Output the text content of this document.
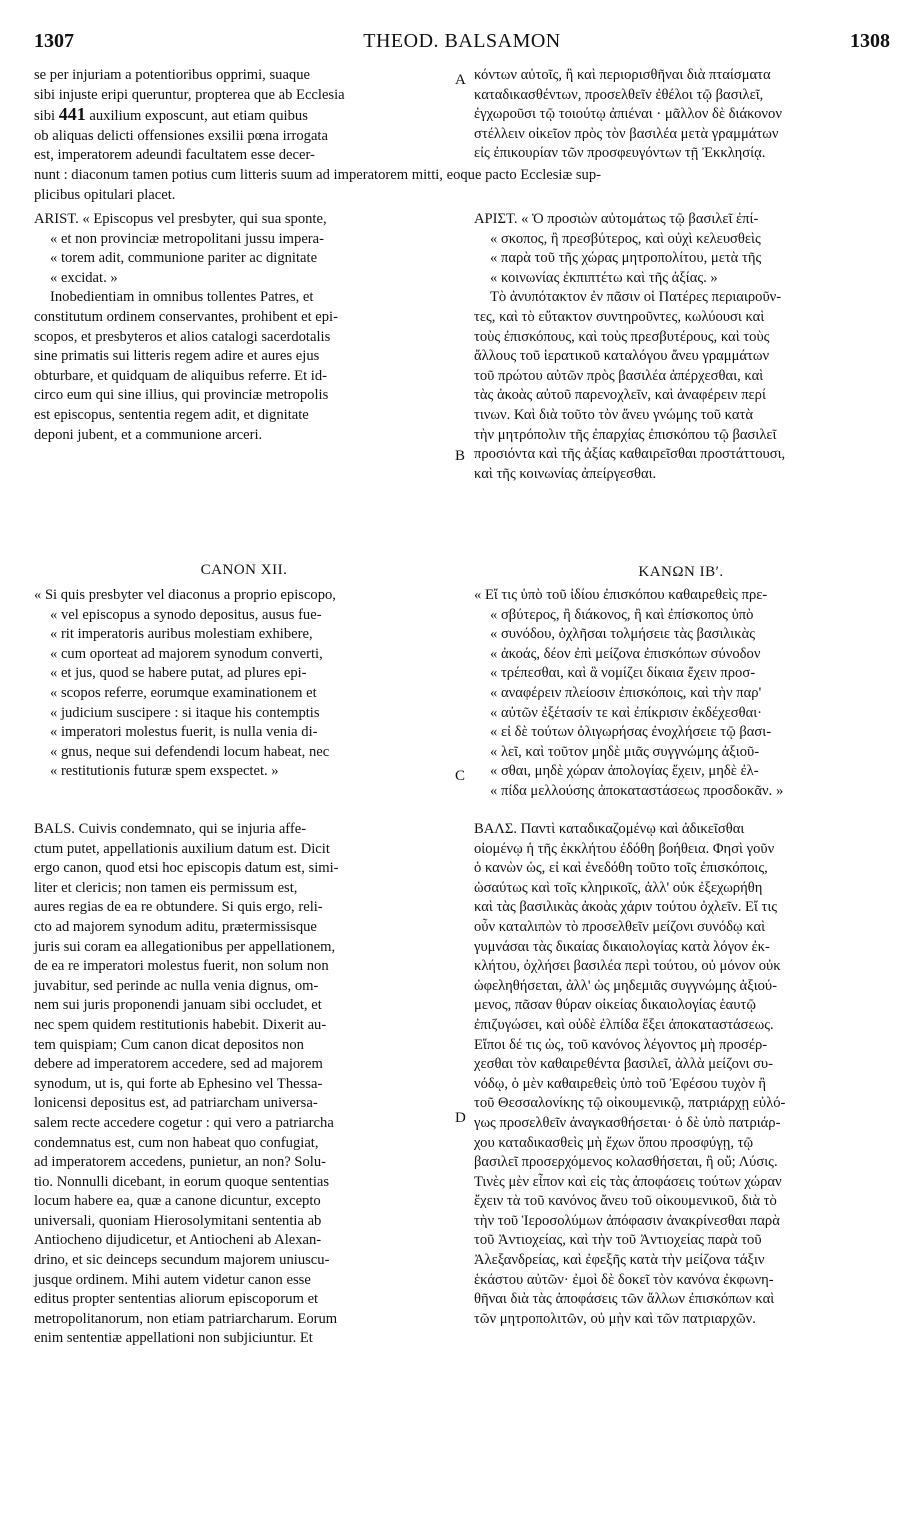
1307	THEOD. BALSAMON	1308
A
B
C
D

se per injuriam a potentioribus opprimi, suaque

sibi injuste eripi queruntur, propterea que ab Ecclesia

sibi 441 auxilium exposcunt, aut etiam quibus

ob aliquas delicti offensiones exsilii pœna irrogata

est, imperatorem adeundi facultatem esse decer-

κόντων αὐτοῖς, ἢ καὶ περιορισθῆναι διὰ πταίσματα

καταδικασθέντων, προσελθεῖν ἐθέλοι τῷ βασιλεῖ,

ἐγχωροῦσι τῷ τοιούτῳ ἀπιέναι · μᾶλλον δὲ διάκονον

στέλλειν οἰκεῖον πρὸς τὸν βασιλέα μετὰ γραμμάτων

εἰς ἐπικουρίαν τῶν προσφευγόντων τῇ Ἐκκλησίᾳ.

nunt : diaconum tamen potius cum litteris suum ad imperatorem mitti, eoque pacto Ecclesiæ sup-
plicibus opitulari placet.

ARIST. « Episcopus vel presbyter, qui sua sponte,

« et non provinciæ metropolitani jussu impera-

« torem adit, communione pariter ac dignitate

« excidat. »

Inobedientiam in omnibus tollentes Patres, et

constitutum ordinem conservantes, prohibent et epi-

scopos, et presbyteros et alios catalogi sacerdotalis

sine primatis sui litteris regem adire et aures ejus

obturbare, et quidquam de aliquibus referre. Et id-

circo eum qui sine illius, qui provinciæ metropolis

est episcopus, sententia regem adit, et dignitate

deponi jubent, et a communione arceri.

ΑΡΙΣΤ. « Ὁ προσιὼν αὐτομάτως τῷ βασιλεῖ ἐπί-

« σκοπος, ἢ πρεσβύτερος, καὶ οὐχὶ κελευσθεὶς

« παρὰ τοῦ τῆς χώρας μητροπολίτου, μετὰ τῆς

« κοινωνίας ἐκπιπτέτω καὶ τῆς ἀξίας. »

Τὸ ἀνυπότακτον ἐν πᾶσιν οἱ Πατέρες περιαιροῦν-

τες, καὶ τὸ εὔτακτον συντηροῦντες, κωλύουσι καὶ

τοὺς ἐπισκόπους, καὶ τοὺς πρεσβυτέρους, καὶ τοὺς

ἄλλους τοῦ ἱερατικοῦ καταλόγου ἄνευ γραμμάτων

τοῦ πρώτου αὐτῶν πρὸς βασιλέα ἀπέρχεσθαι, καὶ

τὰς ἀκοὰς αὐτοῦ παρενοχλεῖν, καὶ ἀναφέρειν περί

τινων. Καὶ διὰ τοῦτο τὸν ἄνευ γνώμης τοῦ κατὰ

τὴν μητρόπολιν τῆς ἐπαρχίας ἐπισκόπου τῷ βασιλεῖ

προσιόντα καὶ τῆς ἀξίας καθαιρεῖσθαι προστάττουσι,

καὶ τῆς κοινωνίας ἀπείργεσθαι.

CANON XII.	ΚΑΝΩΝ ΙΒʹ.

« Si quis presbyter vel diaconus a proprio episcopo,

« vel episcopus a synodo depositus, ausus fue-

« rit imperatoris auribus molestiam exhibere,

« cum oporteat ad majorem synodum converti,

« et jus, quod se habere putat, ad plures epi-

« scopos referre, eorumque examinationem et

« judicium suscipere : si itaque his contemptis

« imperatori molestus fuerit, is nulla venia di-

« gnus, neque sui defendendi locum habeat, nec

« restitutionis futuræ spem exspectet. »

« Εἴ τις ὑπὸ τοῦ ἰδίου ἐπισκόπου καθαιρεθεὶς πρε-

« σβύτερος, ἢ διάκονος, ἢ καὶ ἐπίσκοπος ὑπὸ

« συνόδου, ὀχλῆσαι τολμήσειε τὰς βασιλικὰς

« ἀκοάς, δέον ἐπὶ μείζονα ἐπισκόπων σύνοδον

« τρέπεσθαι, καὶ ἃ νομίζει δίκαια ἔχειν προσ-

« αναφέρειν πλείοσιν ἐπισκόποις, καὶ τὴν παρ'

« αὐτῶν ἐξέτασίν τε καὶ ἐπίκρισιν ἐκδέχεσθαι·

« εἰ δὲ τούτων ὀλιγωρήσας ἐνοχλήσειε τῷ βασι-

« λεῖ, καὶ τοῦτον μηδὲ μιᾶς συγγνώμης ἀξιοῦ-

« σθαι, μηδὲ χώραν ἀπολογίας ἔχειν, μηδὲ ἐλ-

« πίδα μελλούσης ἀποκαταστάσεως προσδοκᾶν. »

BALS. Cuivis condemnato, qui se injuria affe-

ctum putet, appellationis auxilium datum est. Dicit

ergo canon, quod etsi hoc episcopis datum est, simi-

liter et clericis; non tamen eis permissum est,

aures regias de ea re obtundere. Si quis ergo, reli-

cto ad majorem synodum aditu, prætermissisque

juris sui coram ea allegationibus per appellationem,

de ea re imperatori molestus fuerit, non solum non

juvabitur, sed perinde ac nulla venia dignus, om-

nem sui juris proponendi januam sibi occludet, et

nec spem quidem restitutionis habebit. Dixerit au-

tem quispiam; Cum canon dicat depositos non

debere ad imperatorem accedere, sed ad majorem

synodum, ut is, qui forte ab Ephesino vel Thessa-

lonicensi depositus est, ad patriarcham universa-

salem recte accedere cogetur : qui vero a patriarcha

condemnatus est, cum non habeat quo confugiat,

ad imperatorem accedens, punietur, an non? Solu-

tio. Nonnulli dicebant, in eorum quoque sententias

locum habere ea, quæ a canone dicuntur, excepto

universali, quoniam Hierosolymitani sententia ab

Antiocheno dijudicetur, et Antiocheni ab Alexan-

drino, et sic deinceps secundum majorem uniuscu-

jusque ordinem. Mihi autem videtur canon esse

editus propter sententias aliorum episcoporum et

metropolitanorum, non etiam patriarcharum. Eorum

enim sententiæ appellationi non subjiciuntur. Et

ΒΑΛΣ. Παντὶ καταδικαζομένῳ καὶ ἀδικεῖσθαι

οἰομένῳ ἡ τῆς ἐκκλήτου ἐδόθη βοήθεια. Φησὶ γοῦν

ὁ κανὼν ὡς, εἰ καὶ ἐνεδόθη τοῦτο τοῖς ἐπισκόποις,

ὡσαύτως καὶ τοῖς κληρικοῖς, ἀλλ' οὐκ ἐξεχωρήθη

καὶ τὰς βασιλικὰς ἀκοὰς χάριν τούτου ὀχλεῖν. Εἴ τις

οὖν καταλιπὼν τὸ προσελθεῖν μείζονι συνόδῳ καὶ

γυμνάσαι τὰς δικαίας δικαιολογίας κατὰ λόγον ἐκ-

κλήτου, ὀχλήσει βασιλέα περὶ τούτου, οὐ μόνον οὐκ

ὠφεληθήσεται, ἀλλ' ὡς μηδεμιᾶς συγγνώμης ἀξιού-

μενος, πᾶσαν θύραν οἰκείας δικαιολογίας ἑαυτῷ

ἐπιζυγώσει, καὶ οὐδὲ ἐλπίδα ἕξει ἀποκαταστάσεως.

Εἴποι δέ τις ὡς, τοῦ κανόνος λέγοντος μὴ προσέρ-

χεσθαι τὸν καθαιρεθέντα βασιλεῖ, ἀλλὰ μείζονι συ-

νόδῳ, ὁ μὲν καθαιρεθεὶς ὑπὸ τοῦ Ἐφέσου τυχὸν ἢ

τοῦ Θεσσαλονίκης τῷ οἰκουμενικῷ, πατριάρχῃ εὐλό-

γως προσελθεῖν ἀναγκασθήσεται· ὁ δὲ ὑπὸ πατριάρ-

χου καταδικασθεὶς μὴ ἔχων ὅπου προσφύγῃ, τῷ

βασιλεῖ προσερχόμενος κολασθήσεται, ἢ οὔ; Λύσις.

Τινὲς μὲν εἶπον καὶ εἰς τὰς ἀποφάσεις τούτων χώραν

ἔχειν τὰ τοῦ κανόνος ἄνευ τοῦ οἰκουμενικοῦ, διὰ τὸ

τὴν τοῦ Ἱεροσολύμων ἀπόφασιν ἀνακρίνεσθαι παρὰ

τοῦ Ἀντιοχείας, καὶ τὴν τοῦ Ἀντιοχείας παρὰ τοῦ

Ἀλεξανδρείας, καὶ ἐφεξῆς κατὰ τὴν μείζονα τάξιν

ἑκάστου αὐτῶν· ἐμοὶ δὲ δοκεῖ τὸν κανόνα ἐκφωνη-

θῆναι διὰ τὰς ἀποφάσεις τῶν ἄλλων ἐπισκόπων καὶ

τῶν μητροπολιτῶν, οὐ μὴν καὶ τῶν πατριαρχῶν.
